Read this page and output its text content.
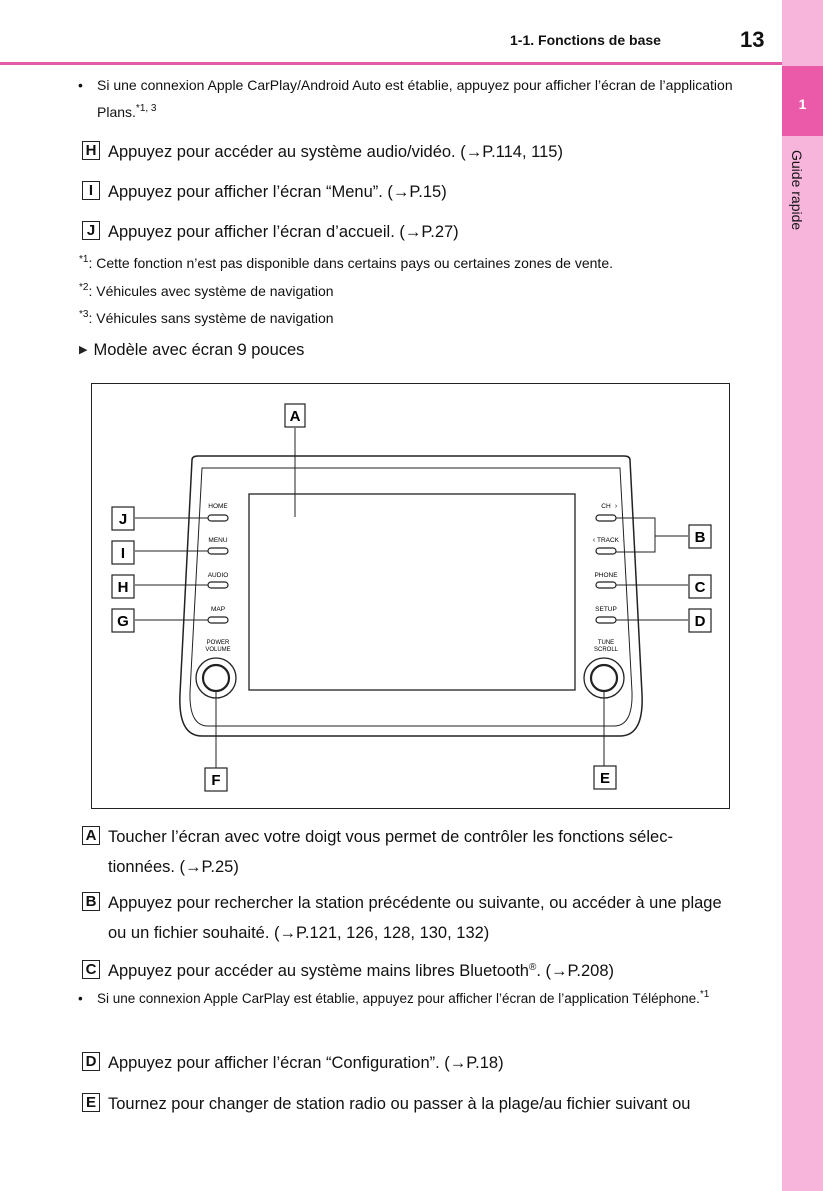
1-1. Fonctions de base	13
1
Guide rapide
•	Si une connexion Apple CarPlay/Android Auto est établie, appuyez pour afficher l’écran de l’application Plans.$^{*1, 3}$
H Appuyez pour accéder au système audio/vidéo. (→P.114, 115)
I Appuyez pour afficher l’écran “Menu”. (→P.15)
J Appuyez pour afficher l’écran d’accueil. (→P.27)
$^{*1}$: Cette fonction n’est pas disponible dans certains pays ou certaines zones de vente.
$^{*2}$: Véhicules avec système de navigation
$^{*3}$: Véhicules sans système de navigation
▶ Modèle avec écran 9 pouces
HOME
MENU
AUDIO
MAP
POWER
VOLUME
CH ›
‹ TRACK
PHONE
SETUP
TUNE
SCROLL
A
J
I
H
G
B
C
D
F	E
A Toucher l’écran avec votre doigt vous permet de contrôler les fonctions sélec-tionnées. (→P.25)
B Appuyez pour rechercher la station précédente ou suivante, ou accéder à une plage ou un fichier souhaité. (→P.121, 126, 128, 130, 132)
C Appuyez pour accéder au système mains libres Bluetooth®. (→P.208)
•	Si une connexion Apple CarPlay est établie, appuyez pour afficher l’écran de l’application Téléphone.$^{*1}$
D Appuyez pour afficher l’écran “Configuration”. (→P.18)
E Tournez pour changer de station radio ou passer à la plage/au fichier suivant ou
